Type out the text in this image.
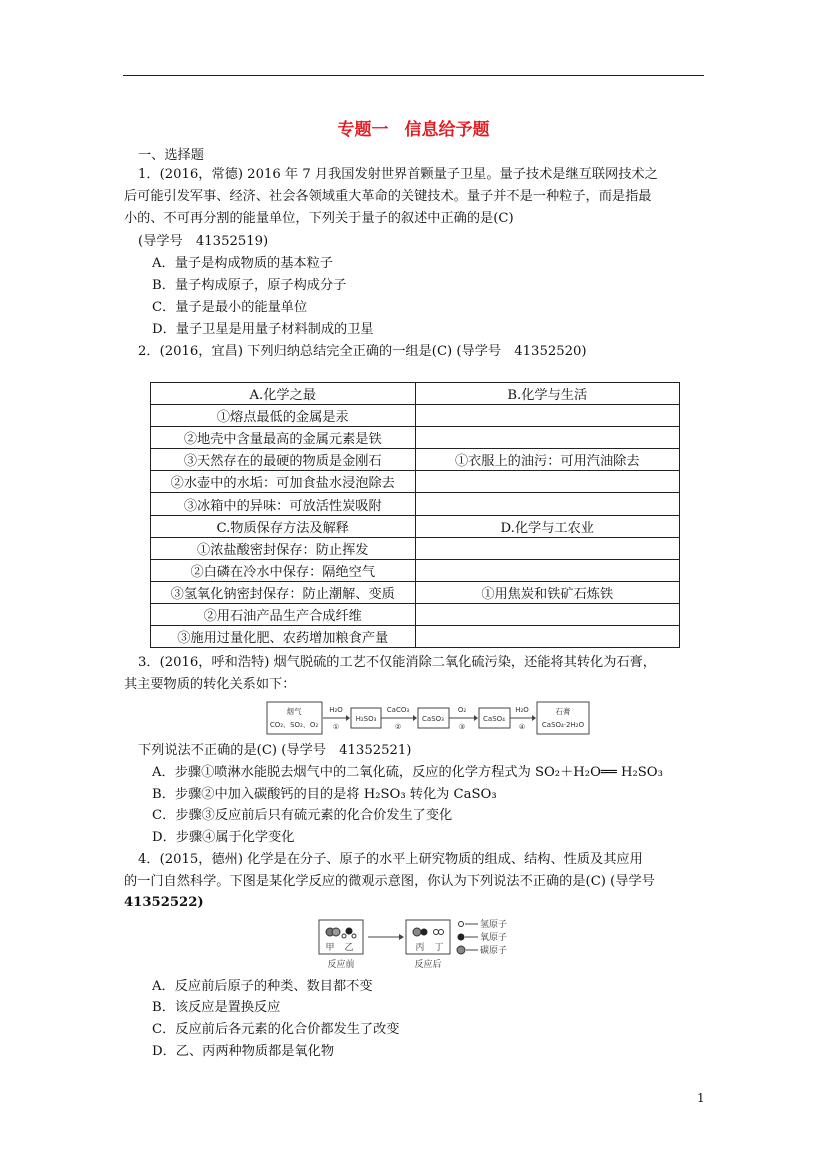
专题一 信息给予题
一、选择题
1．(2016，常德) 2016 年 7 月我国发射世界首颗量子卫星。量子技术是继互联网技术之
后可能引发军事、经济、社会各领域重大革命的关键技术。量子并不是一种粒子，而是指最
小的、不可再分割的能量单位，下列关于量子的叙述中正确的是(C)
(导学号　41352519)
A．量子是构成物质的基本粒子
B．量子构成原子，原子构成分子
C．量子是最小的能量单位
D．量子卫星是用量子材料制成的卫星
2．(2016，宜昌) 下列归纳总结完全正确的一组是(C) (导学号　41352520)
A.化学之最	B.化学与生活
①熔点最低的金属是汞	
②地壳中含量最高的金属元素是铁	
③天然存在的最硬的物质是金刚石	①衣服上的油污：可用汽油除去
②水壶中的水垢：可加食盐水浸泡除去	
③冰箱中的异味：可放活性炭吸附	
C.物质保存方法及解释	D.化学与工农业
①浓盐酸密封保存：防止挥发	
②白磷在冷水中保存：隔绝空气	
③氢氧化钠密封保存：防止潮解、变质	①用焦炭和铁矿石炼铁
②用石油产品生产合成纤维	
③施用过量化肥、农药增加粮食产量	
3．(2016，呼和浩特) 烟气脱硫的工艺不仅能消除二氧化硫污染，还能将其转化为石膏，
其主要物质的转化关系如下：
烟气
CO₂、SO₂、O₂
H₂O
①
H₂SO₃
CaCO₃
②
CaSO₃
O₂
③
CaSO₄
H₂O
④
石膏
CaSO₄·2H₂O
下列说法不正确的是(C) (导学号　41352521)
A．步骤①喷淋水能脱去烟气中的二氧化硫，反应的化学方程式为 SO₂＋H₂O══ H₂SO₃
B．步骤②中加入碳酸钙的目的是将 H₂SO₃ 转化为 CaSO₃
C．步骤③反应前后只有硫元素的化合价发生了变化
D．步骤④属于化学变化
4．(2015，德州) 化学是在分子、原子的水平上研究物质的组成、结构、性质及其应用
的一门自然科学。下图是某化学反应的微观示意图，你认为下列说法不正确的是(C) (导学号
41352522)
甲 乙	丙 丁
反应前	反应后
氢原子
氧原子
碳原子
A．反应前后原子的种类、数目都不变
B．该反应是置换反应
C．反应前后各元素的化合价都发生了改变
D．乙、丙两种物质都是氧化物
1
